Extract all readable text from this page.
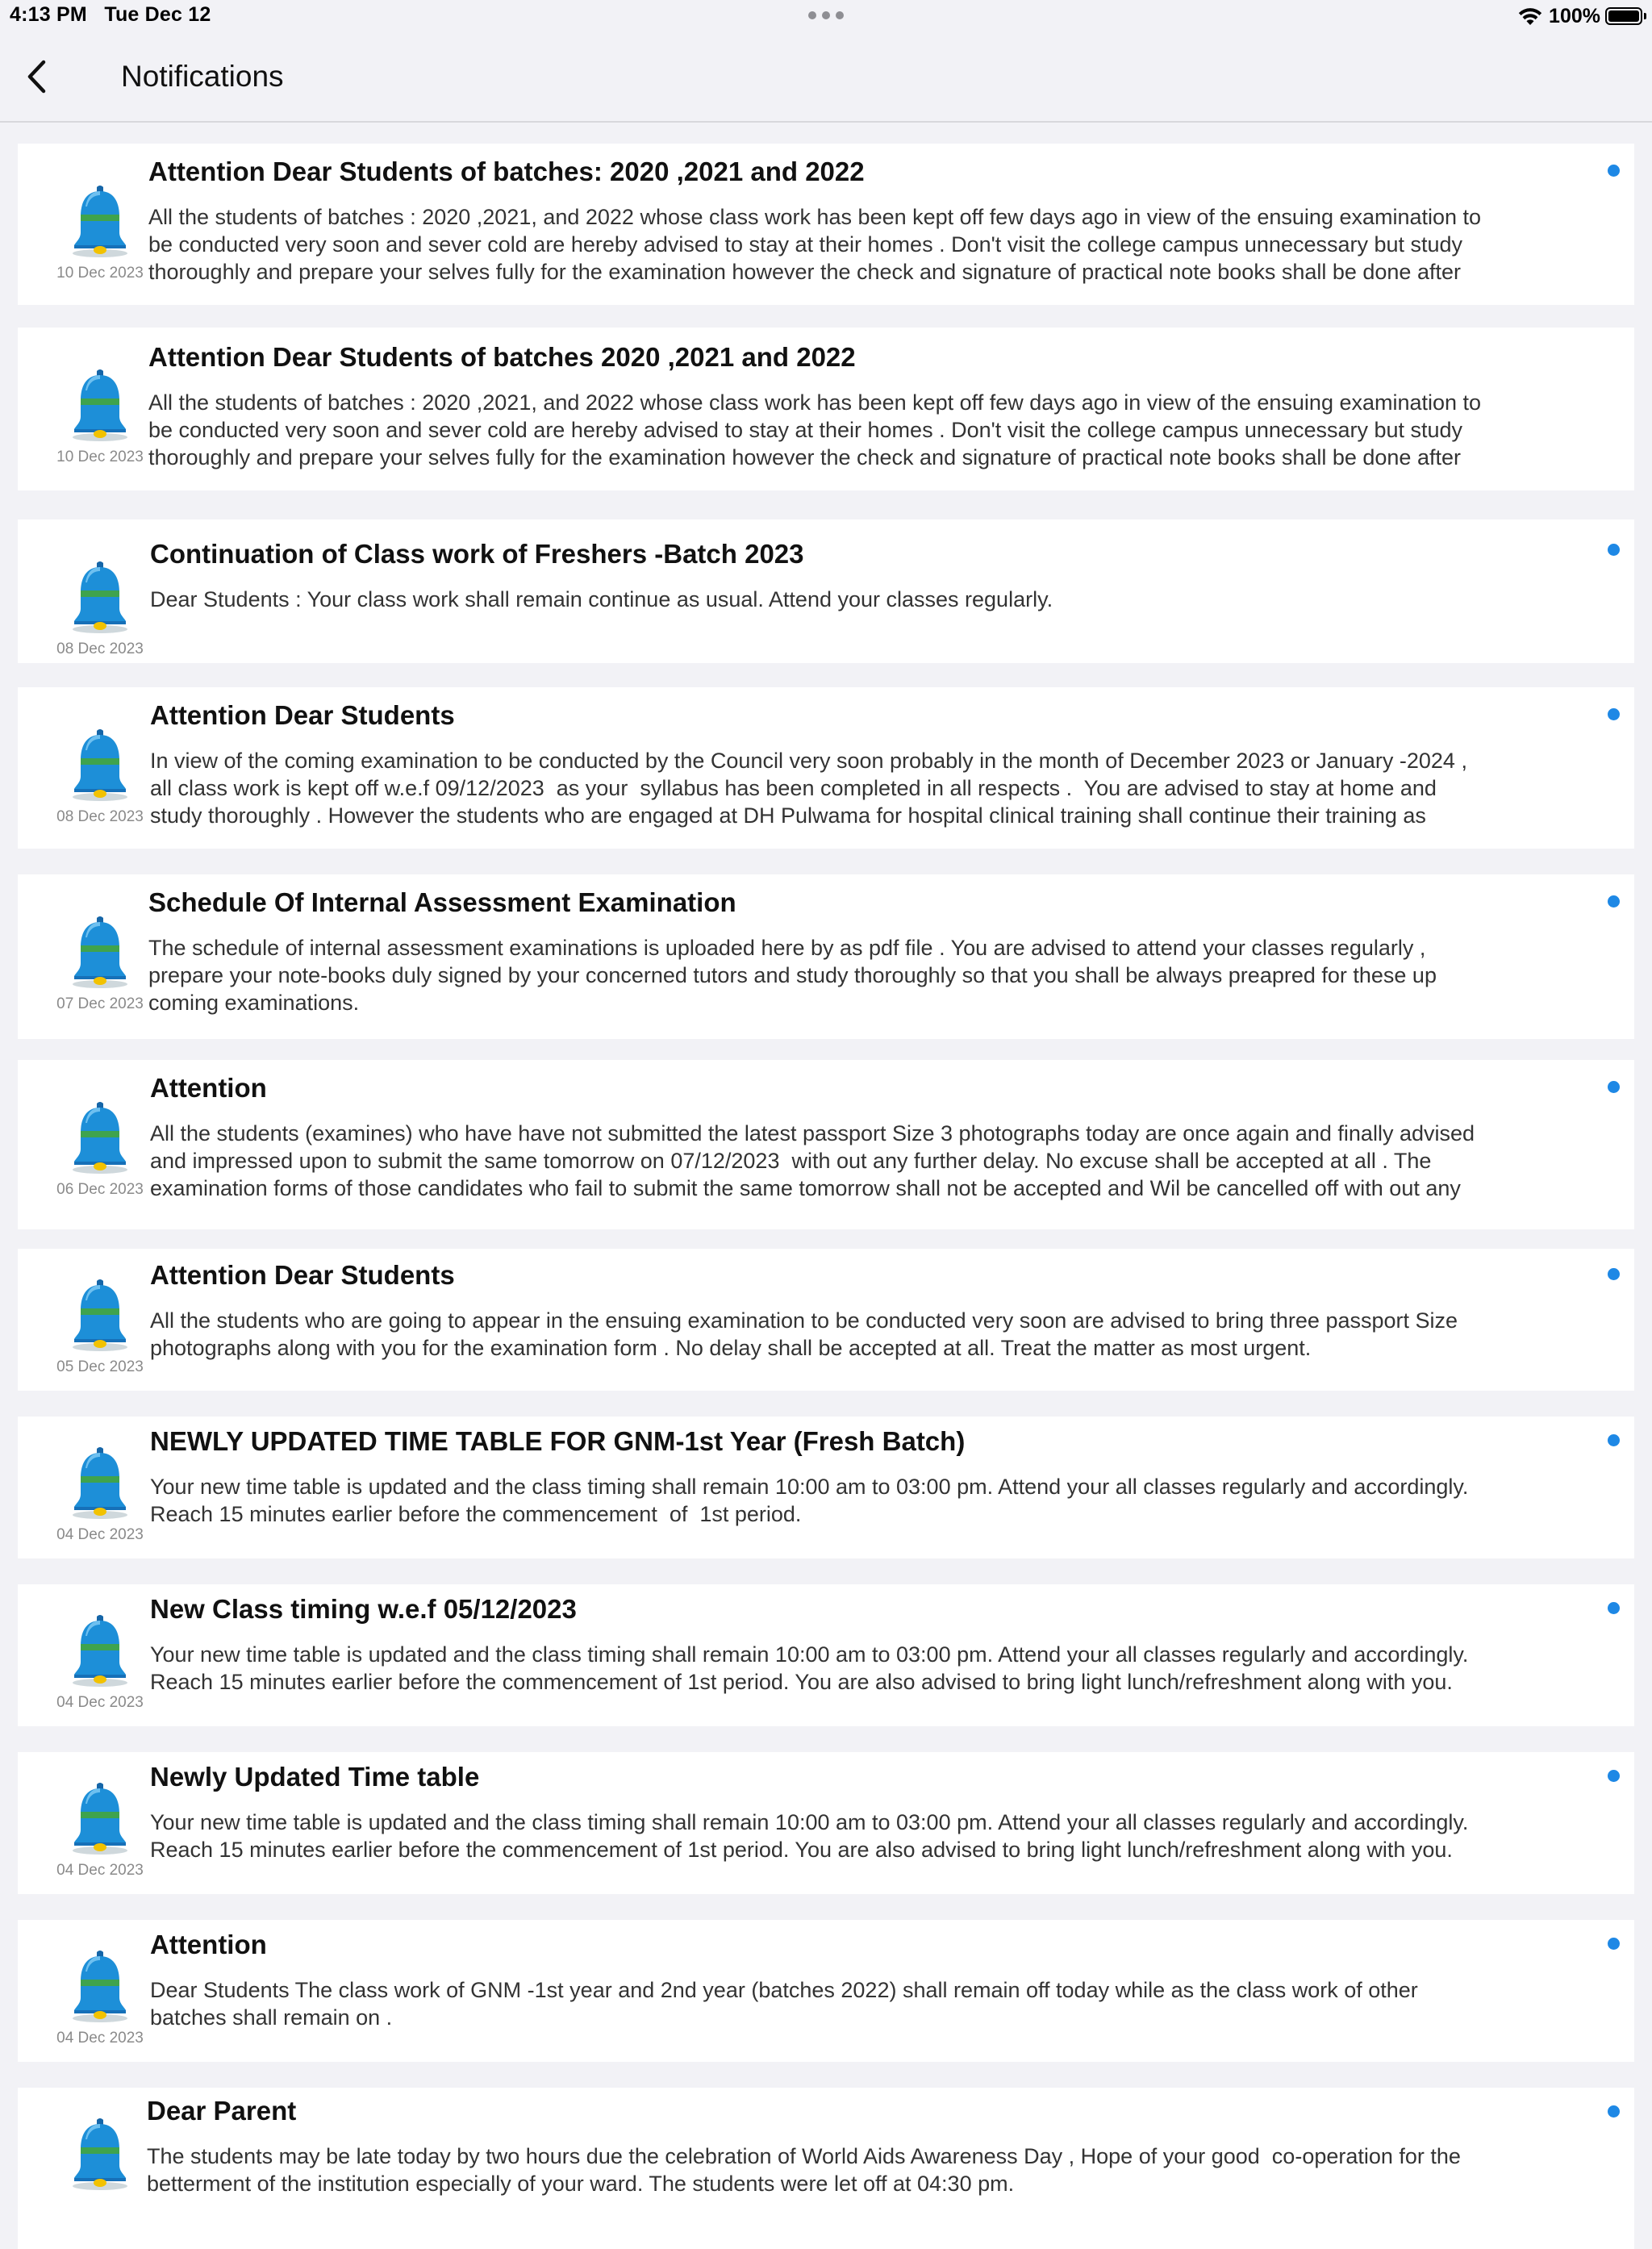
4:13 PM Tue Dec 12	100%
Notifications
10 Dec 2023
Attention Dear Students of batches: 2020 ,2021 and 2022
All the students of batches : 2020 ,2021, and 2022 whose class work has been kept off few days ago in view of the ensuing examination to
be conducted very soon and sever cold are hereby advised to stay at their homes . Don't visit the college campus unnecessary but study
thoroughly and prepare your selves fully for the examination however the check and signature of practical note books shall be done after
10 Dec 2023
Attention Dear Students of batches 2020 ,2021 and 2022
All the students of batches : 2020 ,2021, and 2022 whose class work has been kept off few days ago in view of the ensuing examination to
be conducted very soon and sever cold are hereby advised to stay at their homes . Don't visit the college campus unnecessary but study
thoroughly and prepare your selves fully for the examination however the check and signature of practical note books shall be done after
08 Dec 2023
Continuation of Class work of Freshers -Batch 2023
Dear Students : Your class work shall remain continue as usual. Attend your classes regularly.
08 Dec 2023
Attention Dear Students
In view of the coming examination to be conducted by the Council very soon probably in the month of December 2023 or January -2024 ,
all class work is kept off w.e.f 09/12/2023  as your  syllabus has been completed in all respects .  You are advised to stay at home and
study thoroughly . However the students who are engaged at DH Pulwama for hospital clinical training shall continue their training as
07 Dec 2023
Schedule Of Internal Assessment Examination
The schedule of internal assessment examinations is uploaded here by as pdf file . You are advised to attend your classes regularly ,
prepare your note-books duly signed by your concerned tutors and study thoroughly so that you shall be always preapred for these up
coming examinations.
06 Dec 2023
Attention
All the students (examines) who have have not submitted the latest passport Size 3 photographs today are once again and finally advised
and impressed upon to submit the same tomorrow on 07/12/2023  with out any further delay. No excuse shall be accepted at all . The
examination forms of those candidates who fail to submit the same tomorrow shall not be accepted and Wil be cancelled off with out any
05 Dec 2023
Attention Dear Students
All the students who are going to appear in the ensuing examination to be conducted very soon are advised to bring three passport Size
photographs along with you for the examination form . No delay shall be accepted at all. Treat the matter as most urgent.
04 Dec 2023
NEWLY UPDATED TIME TABLE FOR GNM-1st Year (Fresh Batch)
Your new time table is updated and the class timing shall remain 10:00 am to 03:00 pm. Attend your all classes regularly and accordingly.
Reach 15 minutes earlier before the commencement  of  1st period.
04 Dec 2023
New Class timing w.e.f 05/12/2023
Your new time table is updated and the class timing shall remain 10:00 am to 03:00 pm. Attend your all classes regularly and accordingly.
Reach 15 minutes earlier before the commencement of 1st period. You are also advised to bring light lunch/refreshment along with you.
04 Dec 2023
Newly Updated Time table
Your new time table is updated and the class timing shall remain 10:00 am to 03:00 pm. Attend your all classes regularly and accordingly.
Reach 15 minutes earlier before the commencement of 1st period. You are also advised to bring light lunch/refreshment along with you.
04 Dec 2023
Attention
Dear Students The class work of GNM -1st year and 2nd year (batches 2022) shall remain off today while as the class work of other
batches shall remain on .
Dear Parent
The students may be late today by two hours due the celebration of World Aids Awareness Day , Hope of your good  co-operation for the
betterment of the institution especially of your ward. The students were let off at 04:30 pm.
